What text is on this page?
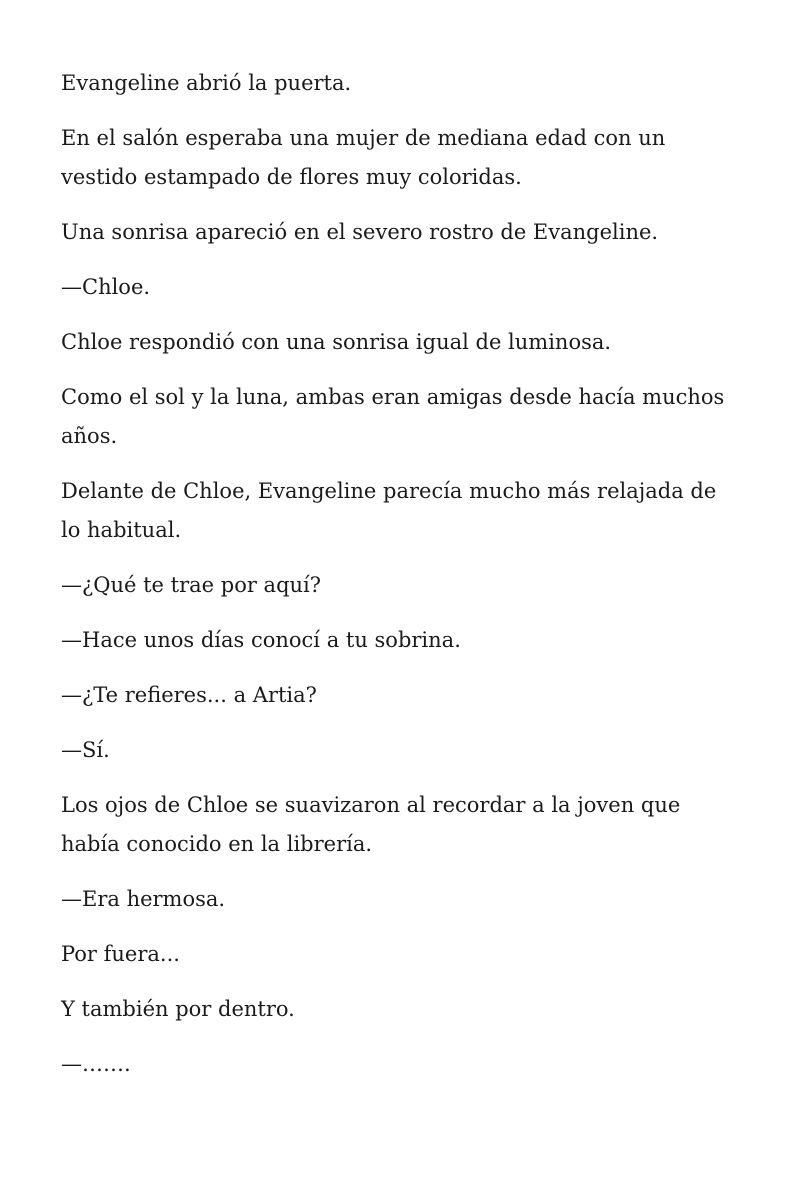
Evangeline abrió la puerta.

En el salón esperaba una mujer de mediana edad con un vestido estampado de flores muy coloridas.

Una sonrisa apareció en el severo rostro de Evangeline.

—Chloe.

Chloe respondió con una sonrisa igual de luminosa.

Como el sol y la luna, ambas eran amigas desde hacía muchos años.

Delante de Chloe, Evangeline parecía mucho más relajada de lo habitual.

—¿Qué te trae por aquí?

—Hace unos días conocí a tu sobrina.

—¿Te refieres... a Artia?

—Sí.

Los ojos de Chloe se suavizaron al recordar a la joven que había conocido en la librería.

—Era hermosa.

Por fuera...

Y también por dentro.

—…….
